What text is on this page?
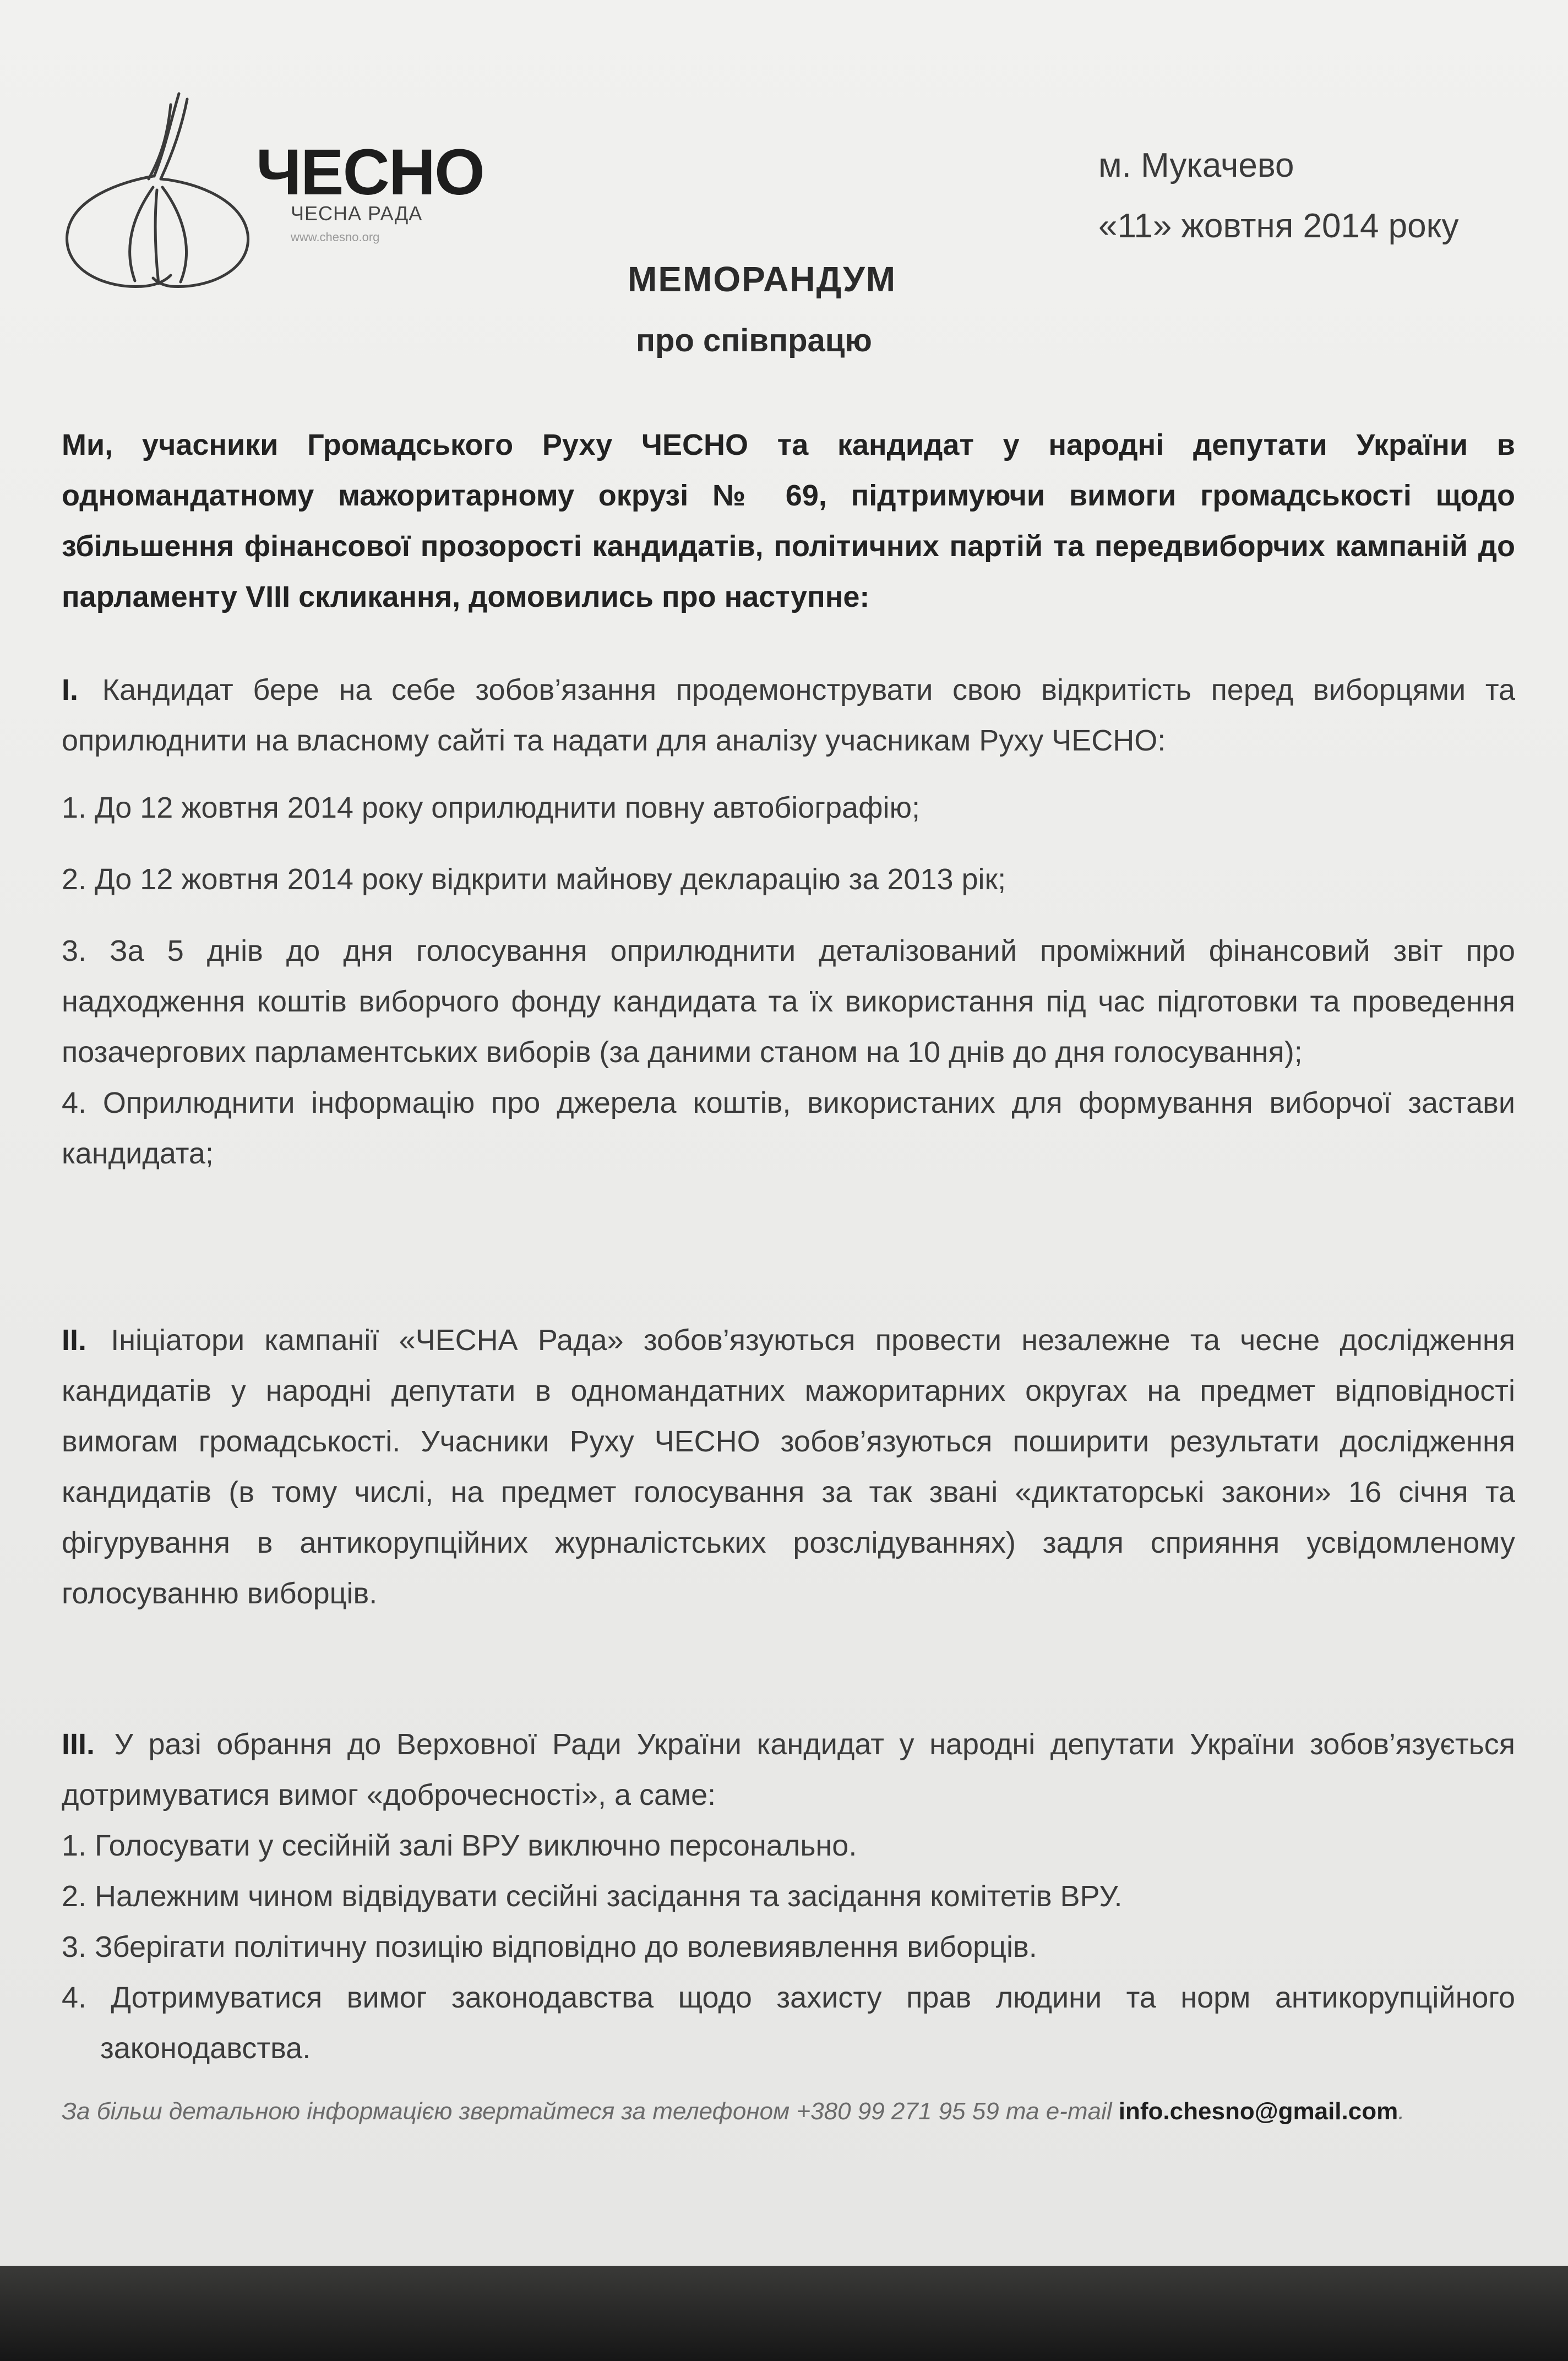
ЧЕСНО
ЧЕСНА РАДА
www.chesno.org
м. Мукачево
«11» жовтня 2014 року
МЕМОРАНДУМ
про співпрацю
Ми, учасники Громадського Руху ЧЕСНО та кандидат у народні депутати України в одномандатному мажоритарному окрузі № 69, підтримуючи вимоги громадськості щодо збільшення фінансової прозорості кандидатів, політичних партій та передвиборчих кампаній до парламенту VIII скликання, домовились про наступне:
I. Кандидат бере на себе зобов’язання продемонструвати свою відкритість перед виборцями та оприлюднити на власному сайті та надати для аналізу учасникам Руху ЧЕСНО:
1. До 12 жовтня 2014 року оприлюднити повну автобіографію;
2. До 12 жовтня 2014 року відкрити майнову декларацію за 2013 рік;
3. За 5 днів до дня голосування оприлюднити деталізований проміжний фінансовий звіт про надходження коштів виборчого фонду кандидата та їх використання під час підготовки та проведення позачергових парламентських виборів (за даними станом на 10 днів до дня голосування);
4. Оприлюднити інформацію про джерела коштів, використаних для формування виборчої застави кандидата;
II. Ініціатори кампанії «ЧЕСНА Рада» зобов’язуються провести незалежне та чесне дослідження кандидатів у народні депутати в одномандатних мажоритарних округах на предмет відповідності вимогам громадськості. Учасники Руху ЧЕСНО зобов’язуються поширити результати дослідження кандидатів (в тому числі, на предмет голосування за так звані «диктаторські закони» 16 січня та фігурування в антикорупційних журналістських розслідуваннях) задля сприяння усвідомленому голосуванню виборців.
III. У разі обрання до Верховної Ради України кандидат у народні депутати України зобов’язується дотримуватися вимог «доброчесності», а саме:
1. Голосувати у сесійній залі ВРУ виключно персонально.
2. Належним чином відвідувати сесійні засідання та засідання комітетів ВРУ.
3. Зберігати політичну позицію відповідно до волевиявлення виборців.
4. Дотримуватися вимог законодавства щодо захисту прав людини та норм антикорупційного законодавства.
За більш детальною інформацією звертайтеся за телефоном +380 99 271 95 59 та e-mail info.chesno@gmail.com.
